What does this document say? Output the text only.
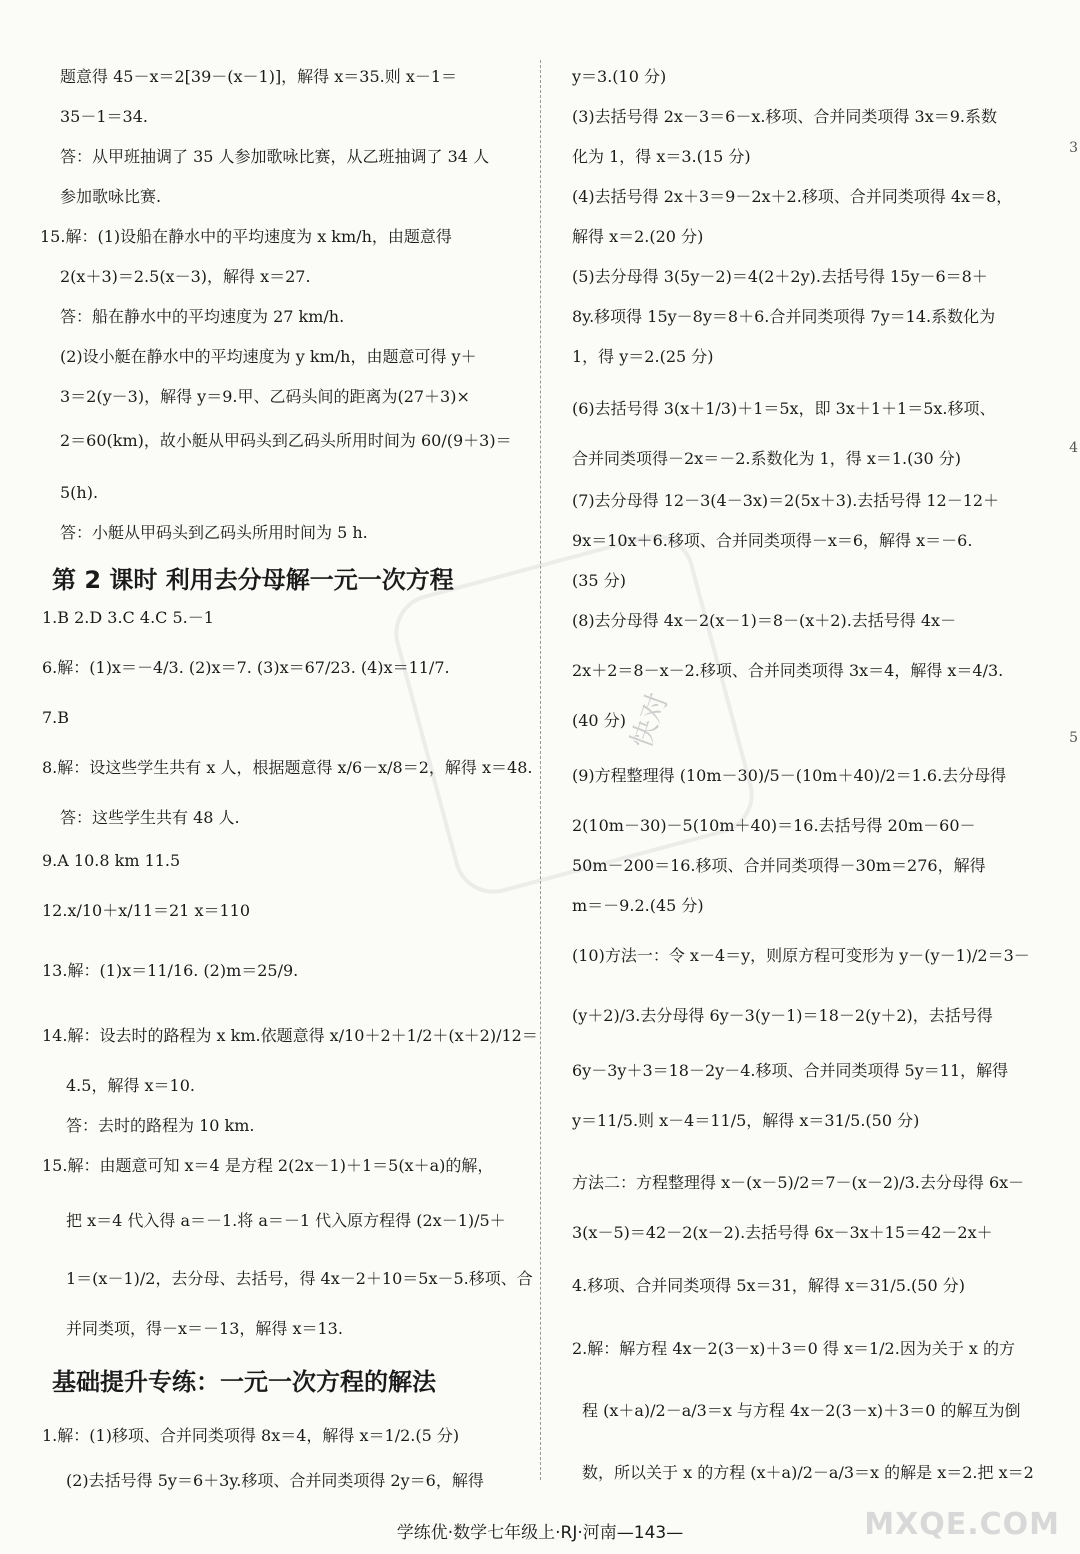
快对
题意得 45－x＝2[39－(x－1)]，解得 x＝35.则 x－1＝
35－1＝34.
答：从甲班抽调了 35 人参加歌咏比赛，从乙班抽调了 34 人
参加歌咏比赛.
15.解：(1)设船在静水中的平均速度为 x km/h，由题意得
2(x＋3)＝2.5(x－3)，解得 x＝27.
答：船在静水中的平均速度为 27 km/h.
(2)设小艇在静水中的平均速度为 y km/h，由题意可得 y＋
3＝2(y－3)，解得 y＝9.甲、乙码头间的距离为(27＋3)×
2＝60(km)，故小艇从甲码头到乙码头所用时间为 60/(9＋3)＝
5(h).
答：小艇从甲码头到乙码头所用时间为 5 h.
1.B 2.D 3.C 4.C 5.－1
6.解：(1)x＝－4/3. (2)x＝7. (3)x＝67/23. (4)x＝11/7.
7.B
8.解：设这些学生共有 x 人，根据题意得 x/6－x/8＝2，解得 x＝48.
答：这些学生共有 48 人.
9.A 10.8 km 11.5
12.x/10＋x/11＝21 x＝110
13.解：(1)x＝11/16. (2)m＝25/9.
14.解：设去时的路程为 x km.依题意得 x/10＋2＋1/2＋(x＋2)/12＝
4.5，解得 x＝10.
答：去时的路程为 10 km.
15.解：由题意可知 x＝4 是方程 2(2x－1)＋1＝5(x＋a)的解，
把 x＝4 代入得 a＝－1.将 a＝－1 代入原方程得 (2x－1)/5＋
1＝(x－1)/2，去分母、去括号，得 4x－2＋10＝5x－5.移项、合
并同类项，得－x＝－13，解得 x＝13.
1.解：(1)移项、合并同类项得 8x＝4，解得 x＝1/2.(5 分)
(2)去括号得 5y＝6＋3y.移项、合并同类项得 2y＝6，解得
y＝3.(10 分)
(3)去括号得 2x－3＝6－x.移项、合并同类项得 3x＝9.系数
化为 1，得 x＝3.(15 分)
(4)去括号得 2x＋3＝9－2x＋2.移项、合并同类项得 4x＝8，
解得 x＝2.(20 分)
(5)去分母得 3(5y－2)＝4(2＋2y).去括号得 15y－6＝8＋
8y.移项得 15y－8y＝8＋6.合并同类项得 7y＝14.系数化为
1，得 y＝2.(25 分)
(6)去括号得 3(x＋1/3)＋1＝5x，即 3x＋1＋1＝5x.移项、
合并同类项得－2x＝－2.系数化为 1，得 x＝1.(30 分)
(7)去分母得 12－3(4－3x)＝2(5x＋3).去括号得 12－12＋
9x＝10x＋6.移项、合并同类项得－x＝6，解得 x＝－6.
(35 分)
(8)去分母得 4x－2(x－1)＝8－(x＋2).去括号得 4x－
2x＋2＝8－x－2.移项、合并同类项得 3x＝4，解得 x＝4/3.
(40 分)
(9)方程整理得 (10m－30)/5－(10m＋40)/2＝1.6.去分母得
2(10m－30)－5(10m＋40)＝16.去括号得 20m－60－
50m－200＝16.移项、合并同类项得－30m＝276，解得
m＝－9.2.(45 分)
(10)方法一：令 x－4＝y，则原方程可变形为 y－(y－1)/2＝3－
(y＋2)/3.去分母得 6y－3(y－1)＝18－2(y＋2)，去括号得
6y－3y＋3＝18－2y－4.移项、合并同类项得 5y＝11，解得
y＝11/5.则 x－4＝11/5，解得 x＝31/5.(50 分)
方法二：方程整理得 x－(x－5)/2＝7－(x－2)/3.去分母得 6x－
3(x－5)＝42－2(x－2).去括号得 6x－3x＋15＝42－2x＋
4.移项、合并同类项得 5x＝31，解得 x＝31/5.(50 分)
2.解：解方程 4x－2(3－x)＋3＝0 得 x＝1/2.因为关于 x 的方
程 (x＋a)/2－a/3＝x 与方程 4x－2(3－x)＋3＝0 的解互为倒
数，所以关于 x 的方程 (x＋a)/2－a/3＝x 的解是 x＝2.把 x＝2
第 2 课时 利用去分母解一元一次方程
基础提升专练：一元一次方程的解法
3
4
5
学练优·数学七年级上·RJ·河南—143—	MXQE.COM
